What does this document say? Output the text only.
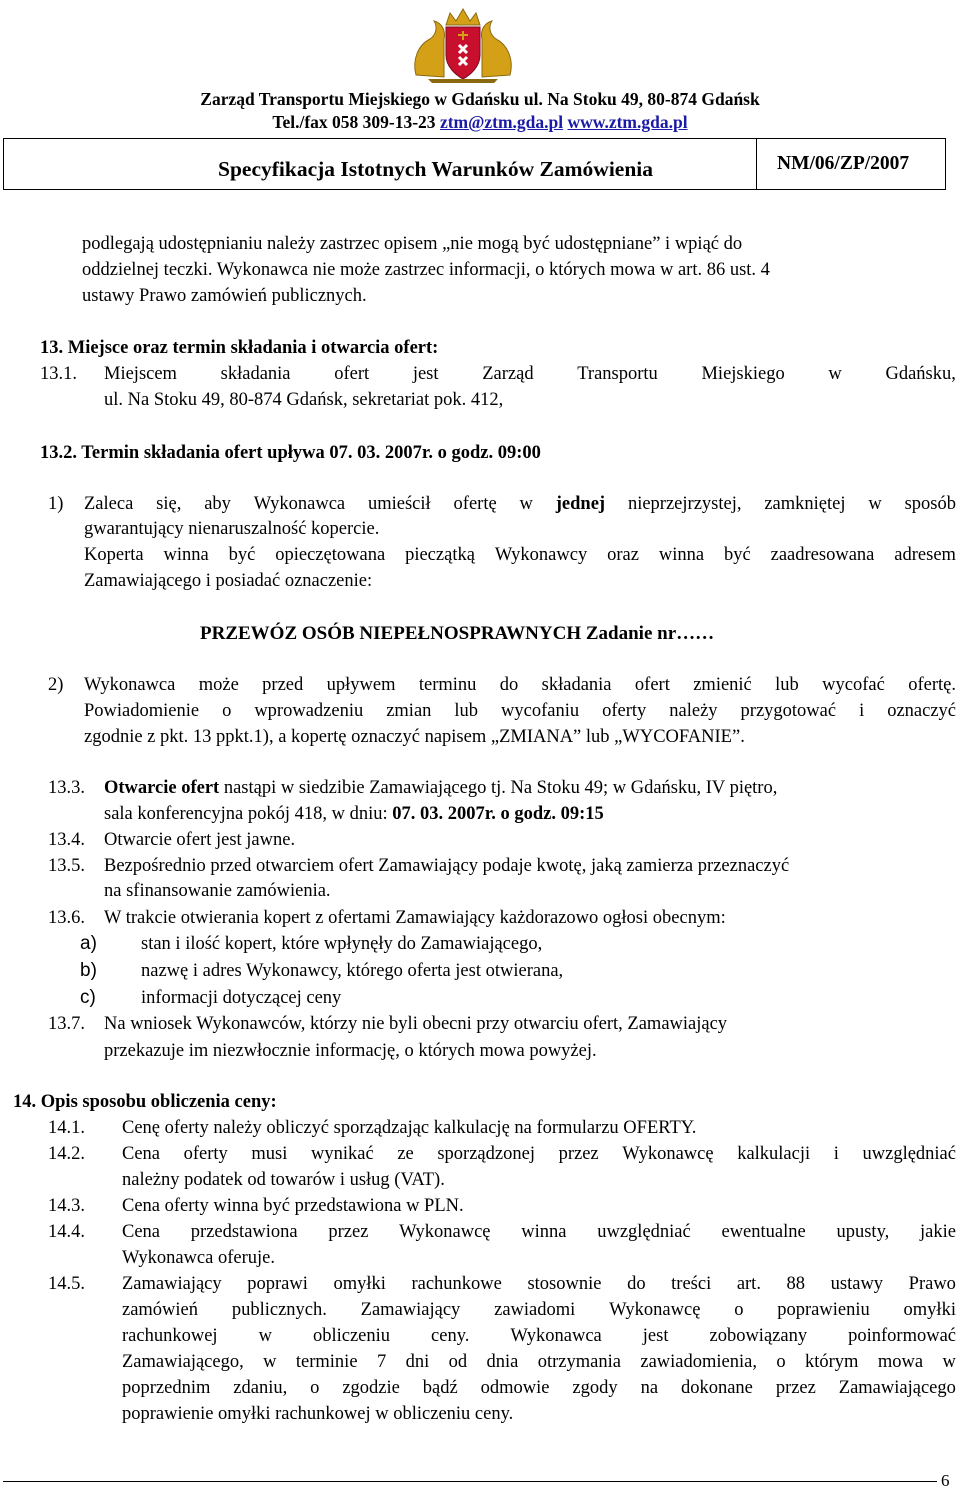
Zarząd Transportu Miejskiego w Gdańsku ul. Na Stoku 49, 80-874 Gdańsk
Tel./fax 058 309-13-23 ztm@ztm.gda.pl www.ztm.gda.pl
Specyfikacja Istotnych Warunków Zamówienia	NM/06/ZP/2007
podlegają udostępnianiu należy zastrzec opisem „nie mogą być udostępniane” i wpiąć do
oddzielnej teczki. Wykonawca nie może zastrzec informacji, o których mowa w art. 86 ust. 4
ustawy Prawo zamówień publicznych.
13. Miejsce oraz termin składania i otwarcia ofert:
13.1. Miejscem składania ofert jest Zarząd Transportu Miejskiego w Gdańsku,
ul. Na Stoku 49, 80-874 Gdańsk, sekretariat pok. 412,
13.2. Termin składania ofert upływa 07. 03. 2007r. o godz. 09:00
1) Zaleca się, aby Wykonawca umieścił ofertę w jednej nieprzejrzystej, zamkniętej w sposób
gwarantujący nienaruszalność kopercie.
Koperta winna być opieczętowana pieczątką Wykonawcy oraz winna być zaadresowana adresem
Zamawiającego i posiadać oznaczenie:
PRZEWÓZ OSÓB NIEPEŁNOSPRAWNYCH Zadanie nr……
2) Wykonawca może przed upływem terminu do składania ofert zmienić lub wycofać ofertę.
Powiadomienie o wprowadzeniu zmian lub wycofaniu oferty należy przygotować i oznaczyć
zgodnie z pkt. 13 ppkt.1), a kopertę oznaczyć napisem „ZMIANA” lub „WYCOFANIE”.
13.3. Otwarcie ofert nastąpi w siedzibie Zamawiającego tj. Na Stoku 49; w Gdańsku, IV piętro,
sala konferencyjna pokój 418, w dniu: 07. 03. 2007r. o godz. 09:15
13.4. Otwarcie ofert jest jawne.
13.5. Bezpośrednio przed otwarciem ofert Zamawiający podaje kwotę, jaką zamierza przeznaczyć
na sfinansowanie zamówienia.
13.6. W trakcie otwierania kopert z ofertami Zamawiający każdorazowo ogłosi obecnym:
a) stan i ilość kopert, które wpłynęły do Zamawiającego,
b) nazwę i adres Wykonawcy, którego oferta jest otwierana,
c) informacji dotyczącej ceny
13.7. Na wniosek Wykonawców, którzy nie byli obecni przy otwarciu ofert, Zamawiający
przekazuje im niezwłocznie informację, o których mowa powyżej.
14. Opis sposobu obliczenia ceny:
14.1. Cenę oferty należy obliczyć sporządzając kalkulację na formularzu OFERTY.
14.2. Cena oferty musi wynikać ze sporządzonej przez Wykonawcę kalkulacji i uwzględniać
należny podatek od towarów i usług (VAT).
14.3. Cena oferty winna być przedstawiona w PLN.
14.4. Cena przedstawiona przez Wykonawcę winna uwzględniać ewentualne upusty, jakie
Wykonawca oferuje.
14.5. Zamawiający poprawi omyłki rachunkowe stosownie do treści art. 88 ustawy Prawo
zamówień publicznych. Zamawiający zawiadomi Wykonawcę o poprawieniu omyłki
rachunkowej w obliczeniu ceny. Wykonawca jest zobowiązany poinformować
Zamawiającego, w terminie 7 dni od dnia otrzymania zawiadomienia, o którym mowa w
poprzednim zdaniu, o zgodzie bądź odmowie zgody na dokonane przez Zamawiającego
poprawienie omyłki rachunkowej w obliczeniu ceny.
6
